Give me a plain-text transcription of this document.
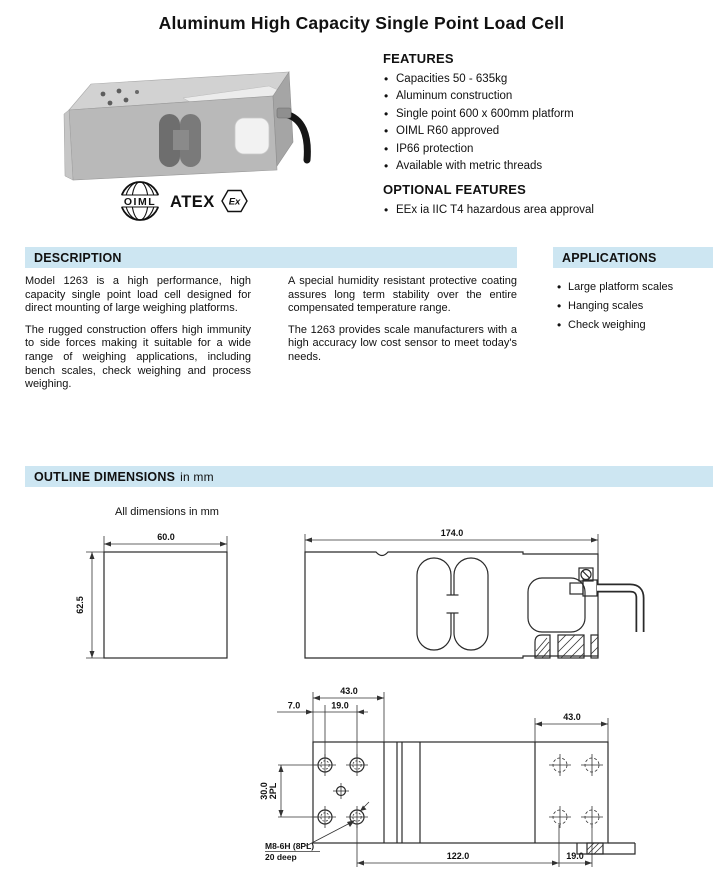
Aluminum High Capacity Single Point Load Cell
OIML ATEX Ex
FEATURES
• Capacities 50 - 635kg
• Aluminum construction
• Single point 600 x 600mm platform
• OIML R60 approved
• IP66 protection
• Available with metric threads
OPTIONAL FEATURES
• EEx ia IIC T4 hazardous area approval
DESCRIPTION	APPLICATIONS

Model 1263 is a high performance, high capacity single point load cell designed for direct mounting of large weighing platforms.

The rugged construction offers high immunity to side forces making it suitable for a wide range of weighing applications, including bench scales, check weighing and process weighing.

A special humidity resistant protective coating assures long term stability over the entire compensated temperature range.

The 1263 provides scale manufacturers with a high accuracy low cost sensor to meet today's needs.

• Large platform scales
• Hanging scales
• Check weighing
OUTLINE DIMENSIONS in mm
All dimensions in mm
60.0
62.5
174.0
43.0
7.0	19.0
30.0 2PL
43.0
M8-6H (8PL)
20 deep	122.0	19.0
